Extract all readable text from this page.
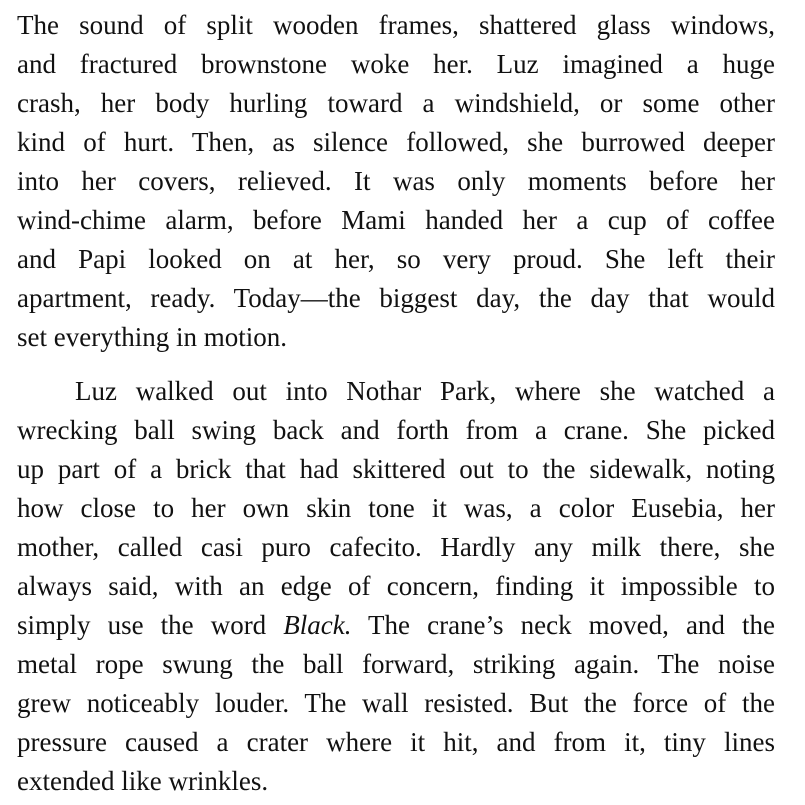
The sound of split wooden frames, shattered glass windows,
and fractured brownstone woke her. Luz imagined a huge
crash, her body hurling toward a windshield, or some other
kind of hurt. Then, as silence followed, she burrowed deeper
into her covers, relieved. It was only moments before her
wind-chime alarm, before Mami handed her a cup of coffee
and Papi looked on at her, so very proud. She left their
apartment, ready. Today—the biggest day, the day that would
set everything in motion.
Luz walked out into Nothar Park, where she watched a
wrecking ball swing back and forth from a crane. She picked
up part of a brick that had skittered out to the sidewalk, noting
how close to her own skin tone it was, a color Eusebia, her
mother, called casi puro cafecito. Hardly any milk there, she
always said, with an edge of concern, finding it impossible to
simply use the word Black. The crane’s neck moved, and the
metal rope swung the ball forward, striking again. The noise
grew noticeably louder. The wall resisted. But the force of the
pressure caused a crater where it hit, and from it, tiny lines
extended like wrinkles.
